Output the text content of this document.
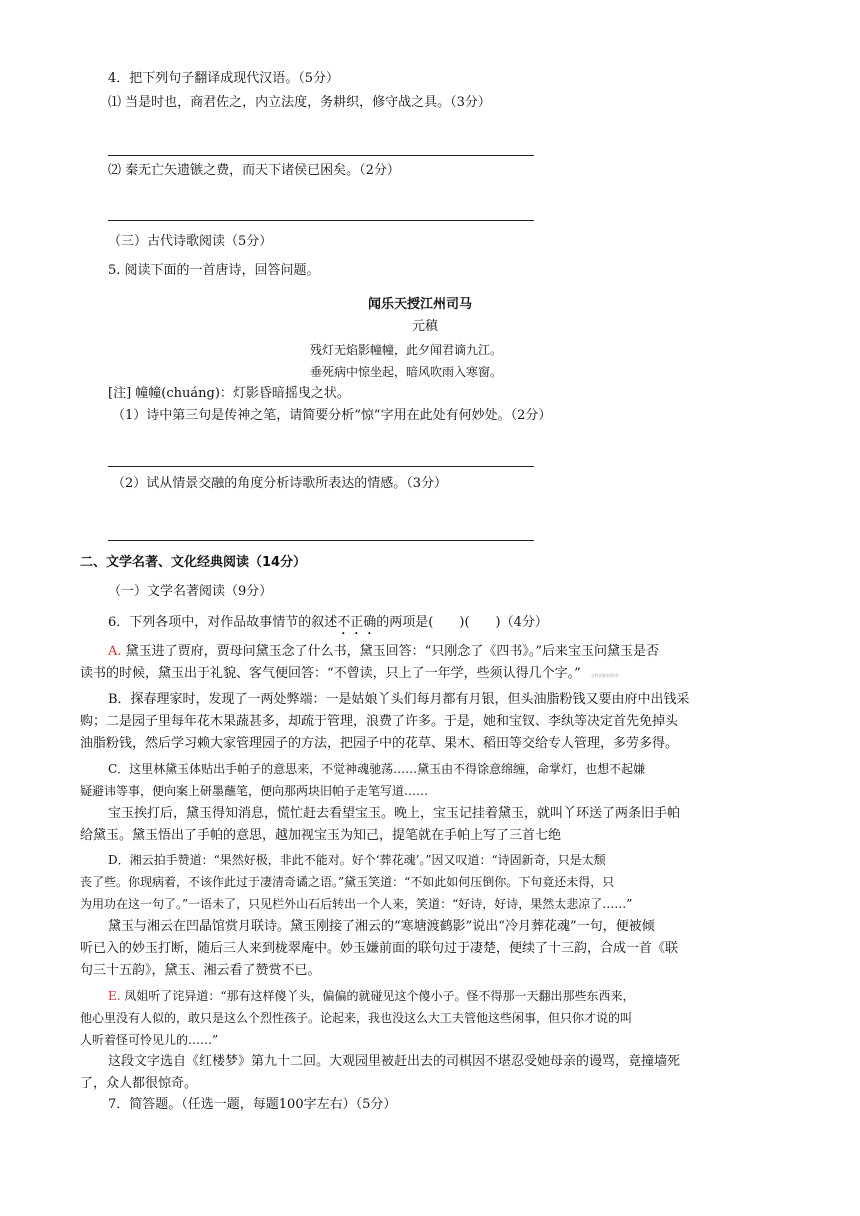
4．把下列句子翻译成现代汉语。（5分）
⑴ 当是时也，商君佐之，内立法度，务耕织，修守战之具。（3分）
⑵ 秦无亡矢遗镞之费，而天下诸侯已困矣。（2分）
（三）古代诗歌阅读（5分）
5. 阅读下面的一首唐诗，回答问题。
闻乐天授江州司马
元稹
残灯无焰影幢幢，此夕闻君谪九江。
垂死病中惊坐起，暗风吹雨入寒窗。
[注] 幢幢(chuáng)：灯影昏暗摇曳之状。
（1）诗中第三句是传神之笔，请简要分析“惊”字用在此处有何妙处。（2分）
（2）试从情景交融的角度分析诗歌所表达的情感。（3分）
二、文学名著、文化经典阅读（14分）
（一）文学名著阅读（9分）
6．下列各项中，对作品故事情节的叙述不正确的两项是(　　)(　　)（4分）
A. 黛玉进了贾府，贾母问黛玉念了什么书，黛玉回答：“只刚念了《四书》。”后来宝玉问黛玉是否
读书的时候，黛玉出于礼貌、客气便回答：“不曾读，只上了一年学，些须认得几个字。”	学科网版权所有
B．探春理家时，发现了一两处弊端：一是姑娘丫头们每月都有月银，但头油脂粉钱又要由府中出钱采
购；二是园子里每年花木果蔬甚多，却疏于管理，浪费了许多。于是，她和宝钗、李纨等决定首先免掉头
油脂粉钱，然后学习赖大家管理园子的方法，把园子中的花草、果木、稻田等交给专人管理，多劳多得。
C．这里林黛玉体贴出手帕子的意思来，不觉神魂驰荡……黛玉由不得馀意绵缠，命掌灯，也想不起嫌
疑避讳等事，便向案上研墨蘸笔，便向那两块旧帕子走笔写道……
宝玉挨打后，黛玉得知消息，慌忙赶去看望宝玉。晚上，宝玉记挂着黛玉，就叫丫环送了两条旧手帕
给黛玉。黛玉悟出了手帕的意思，越加视宝玉为知己，提笔就在手帕上写了三首七绝
D．湘云拍手赞道：“果然好极，非此不能对。好个‘葬花魂’。”因又叹道：“诗固新奇，只是太颓
丧了些。你现病着，不该作此过于凄清奇谲之语。”黛玉笑道：“不如此如何压倒你。下句竟还未得，只
为用功在这一句了。”一语未了，只见栏外山石后转出一个人来，笑道：“好诗，好诗，果然太悲凉了……”
黛玉与湘云在凹晶馆赏月联诗。黛玉刚接了湘云的“寒塘渡鹤影”说出“冷月葬花魂”一句，便被倾
听已入的妙玉打断，随后三人来到栊翠庵中。妙玉嫌前面的联句过于凄楚，便续了十三韵，合成一首《联
句三十五韵》，黛玉、湘云看了赞赏不已。
E. 凤姐听了诧异道：“那有这样傻丫头，偏偏的就碰见这个傻小子。怪不得那一天翻出那些东西来，
他心里没有人似的，敢只是这么个烈性孩子。论起来，我也没这么大工夫管他这些闲事，但只你才说的叫
人听着怪可怜见儿的……”
这段文字选自《红楼梦》第九十二回。大观园里被赶出去的司棋因不堪忍受她母亲的谩骂，竟撞墙死
了，众人都很惊奇。
7．简答题。（任选一题，每题100字左右）（5分）
